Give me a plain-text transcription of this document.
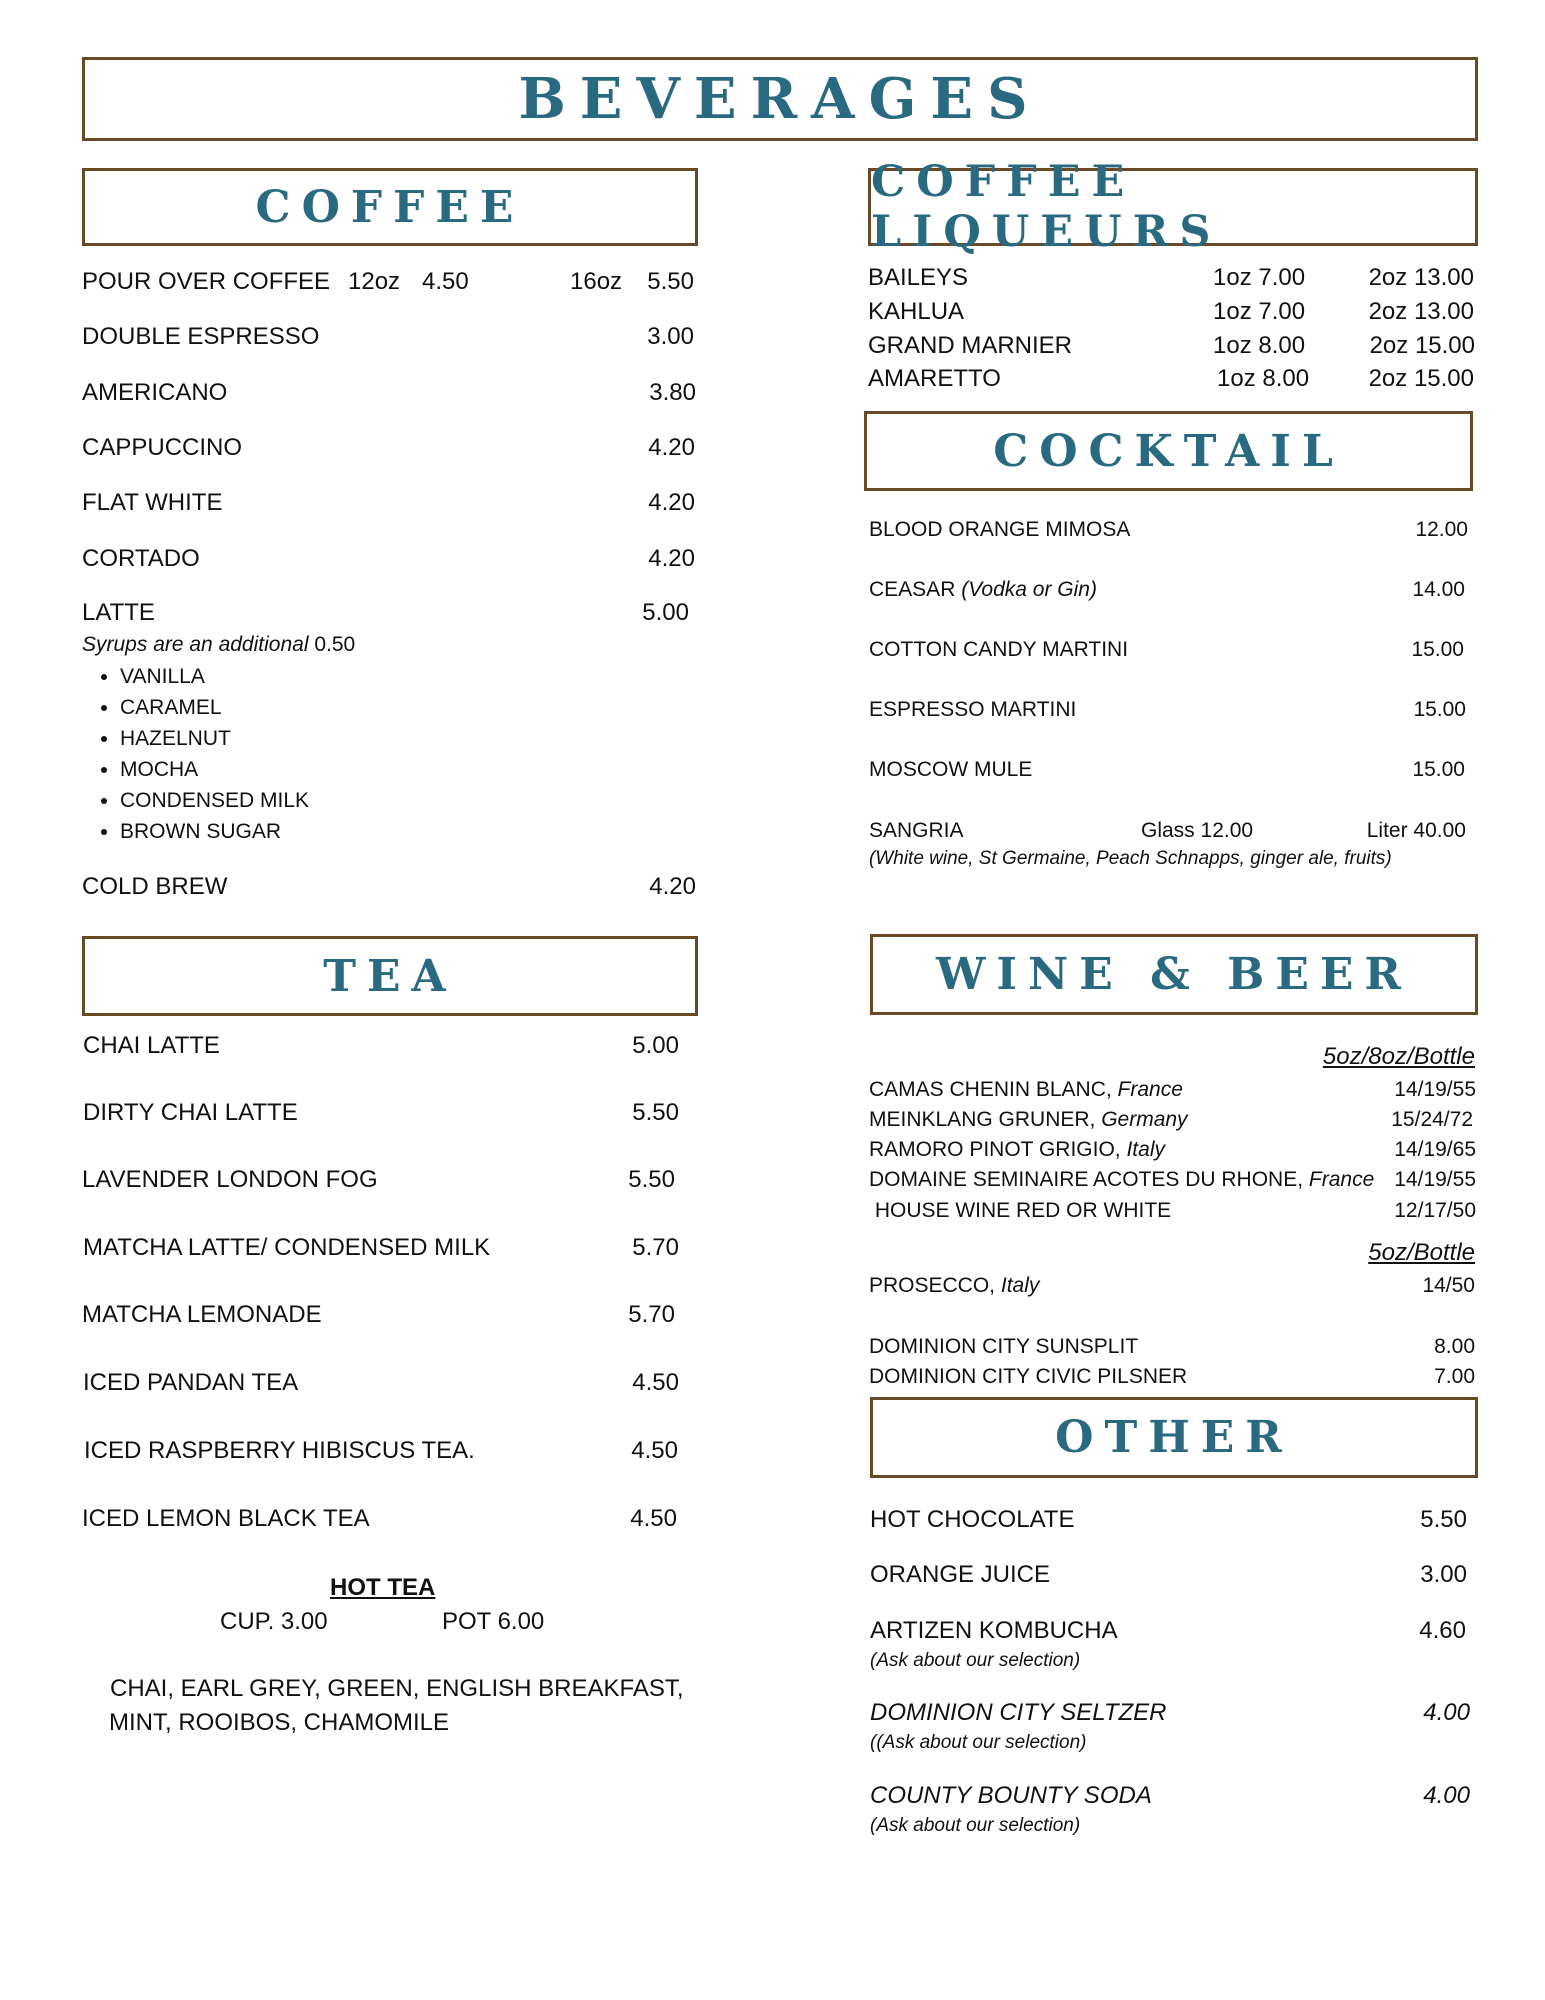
BEVERAGES
COFFEE
POUR OVER COFFEE 12oz 4.50	16oz	5.50
DOUBLE ESPRESSO	3.00
AMERICANO	3.80
CAPPUCCINO	4.20
FLAT WHITE	4.20
CORTADO	4.20
LATTE	5.00
Syrups are an additional 0.50
• VANILLA
• CARAMEL
• HAZELNUT
• MOCHA
• CONDENSED MILK
• BROWN SUGAR
COLD BREW	4.20
TEA
CHAI LATTE	5.00
DIRTY CHAI LATTE	5.50
LAVENDER LONDON FOG	5.50
MATCHA LATTE/ CONDENSED MILK	5.70
MATCHA LEMONADE	5.70
ICED PANDAN TEA	4.50
ICED RASPBERRY HIBISCUS TEA.	4.50
ICED LEMON BLACK TEA	4.50
HOT TEA
CUP. 3.00	POT 6.00
CHAI, EARL GREY, GREEN, ENGLISH BREAKFAST,
MINT, ROOIBOS, CHAMOMILE
COFFEE LIQUEURS
BAILEYS	1oz 7.00	2oz 13.00
KAHLUA	1oz 7.00	2oz 13.00
GRAND MARNIER	1oz 8.00	2oz 15.00
AMARETTO	1oz 8.00	2oz 15.00
COCKTAIL
BLOOD ORANGE MIMOSA	12.00
CEASAR (Vodka or Gin)	14.00
COTTON CANDY MARTINI	15.00
ESPRESSO MARTINI	15.00
MOSCOW MULE	15.00
SANGRIA	Glass 12.00	Liter 40.00
(White wine, St Germaine, Peach Schnapps, ginger ale, fruits)
WINE & BEER
5oz/8oz/Bottle
CAMAS CHENIN BLANC, France	14/19/55
MEINKLANG GRUNER, Germany	15/24/72
RAMORO PINOT GRIGIO, Italy	14/19/65
DOMAINE SEMINAIRE ACOTES DU RHONE, France 14/19/55
HOUSE WINE RED OR WHITE	12/17/50
5oz/Bottle
PROSECCO, Italy	14/50
DOMINION CITY SUNSPLIT	8.00
DOMINION CITY CIVIC PILSNER	7.00
OTHER
HOT CHOCOLATE	5.50
ORANGE JUICE	3.00
ARTIZEN KOMBUCHA	4.60
(Ask about our selection)
DOMINION CITY SELTZER	4.00
((Ask about our selection)
COUNTY BOUNTY SODA	4.00
(Ask about our selection)
